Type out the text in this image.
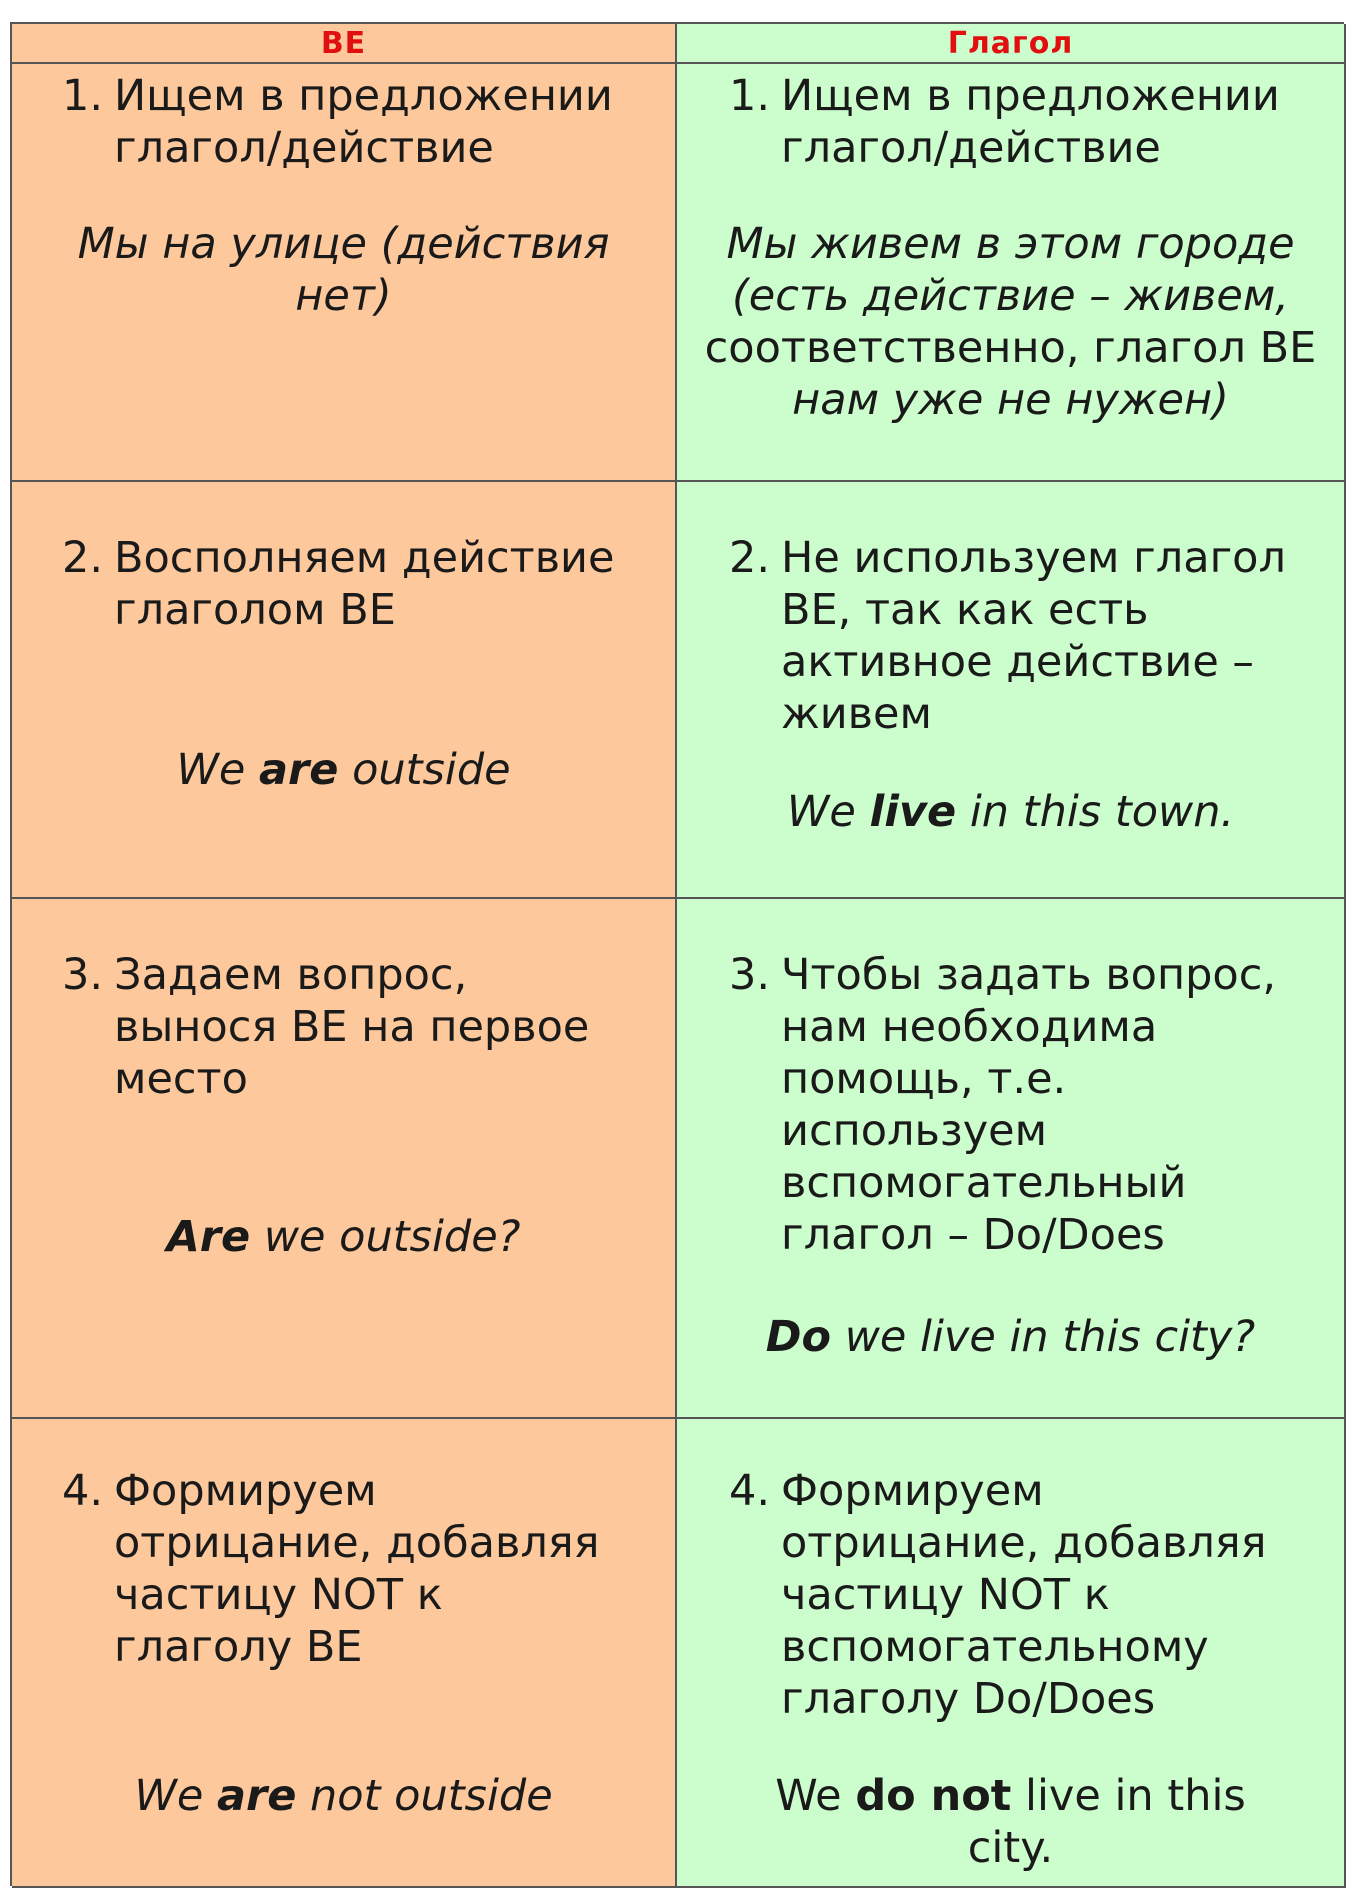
BE	Глагол
1. Ищем в предложении
глагол/действие
Мы на улице (действия
нет)
1. Ищем в предложении
глагол/действие
Мы живем в этом городе
(есть действие – живем,
соответственно, глагол BE
нам уже не нужен)
2. Восполняем действие
глаголом BE
We are outside
2. Не используем глагол
BE, так как есть
активное действие –
живем
We live in this town.
3. Задаем вопрос,
вынося BE на первое
место
Are we outside?
3. Чтобы задать вопрос,
нам необходима
помощь, т.е.
используем
вспомогательный
глагол – Do/Does
Do we live in this city?
4. Формируем
отрицание, добавляя
частицу NOT к
глаголу BE
We are not outside
4. Формируем
отрицание, добавляя
частицу NOT к
вспомогательному
глаголу Do/Does
We do not live in this
city.
